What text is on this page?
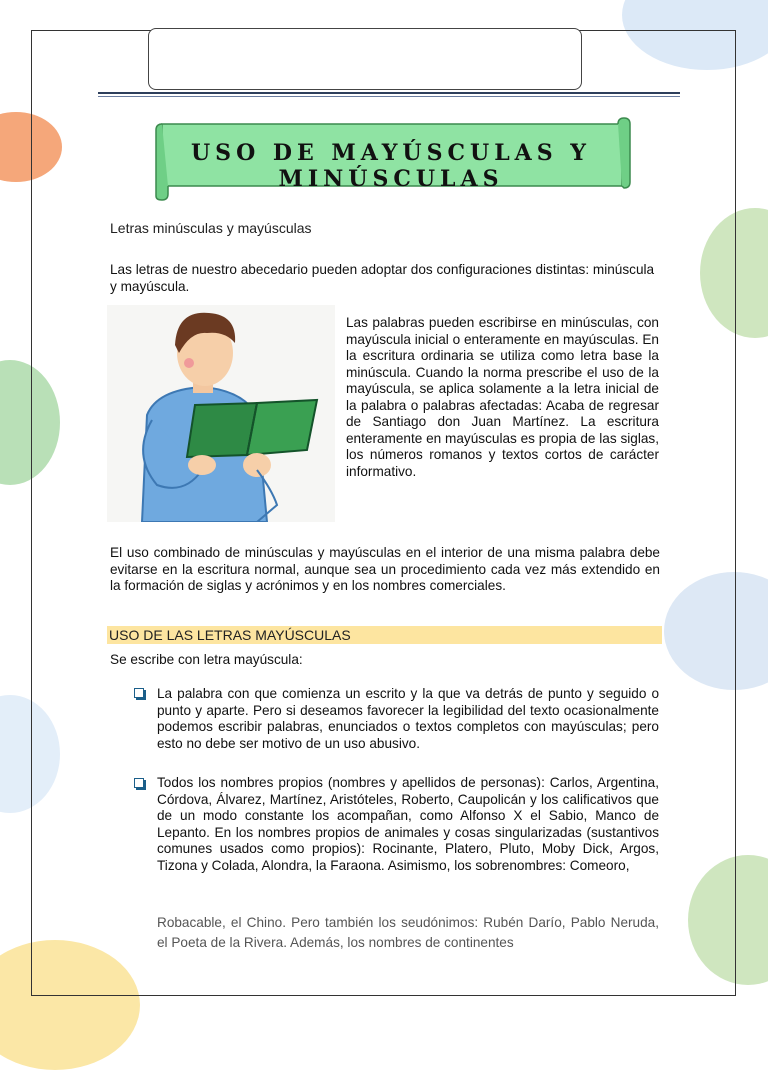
USO DE MAYÚSCULAS Y MINÚSCULAS
Letras minúsculas y mayúsculas
Las letras de nuestro abecedario pueden adoptar dos configuraciones distintas: minúscula y mayúscula.
Las palabras pueden escribirse en minúsculas, con mayúscula inicial o enteramente en mayúsculas. En la escritura ordinaria se utiliza como letra base la minúscula. Cuando la norma prescribe el uso de la mayúscula, se aplica solamente a la letra inicial de la palabra o palabras afectadas: Acaba de regresar de Santiago don Juan Martínez. La escritura enteramente en mayúsculas es propia de las siglas, los números romanos y textos cortos de carácter informativo.
El uso combinado de minúsculas y mayúsculas en el interior de una misma palabra debe evitarse en la escritura normal, aunque sea un procedimiento cada vez más extendido en la formación de siglas y acrónimos y en los nombres comerciales.
USO DE LAS LETRAS MAYÚSCULAS
Se escribe con letra mayúscula:
La palabra con que comienza un escrito y la que va detrás de punto y seguido o punto y aparte. Pero si deseamos favorecer la legibilidad del texto ocasionalmente podemos escribir palabras, enunciados o textos completos con mayúsculas; pero esto no debe ser motivo de un uso abusivo.
Todos los nombres propios (nombres y apellidos de personas): Carlos, Argentina, Córdova, Álvarez, Martínez, Aristóteles, Roberto, Caupolicán y los calificativos que de un modo constante los acompañan, como Alfonso X el Sabio, Manco de Lepanto. En los nombres propios de animales y cosas singularizadas (sustantivos comunes usados como propios): Rocinante, Platero, Pluto, Moby Dick, Argos, Tizona y Colada, Alondra, la Faraona. Asimismo, los sobrenombres: Comeoro,
Robacable, el Chino. Pero también los seudónimos: Rubén Darío, Pablo Neruda, el Poeta de la Rivera. Además, los nombres de continentes
